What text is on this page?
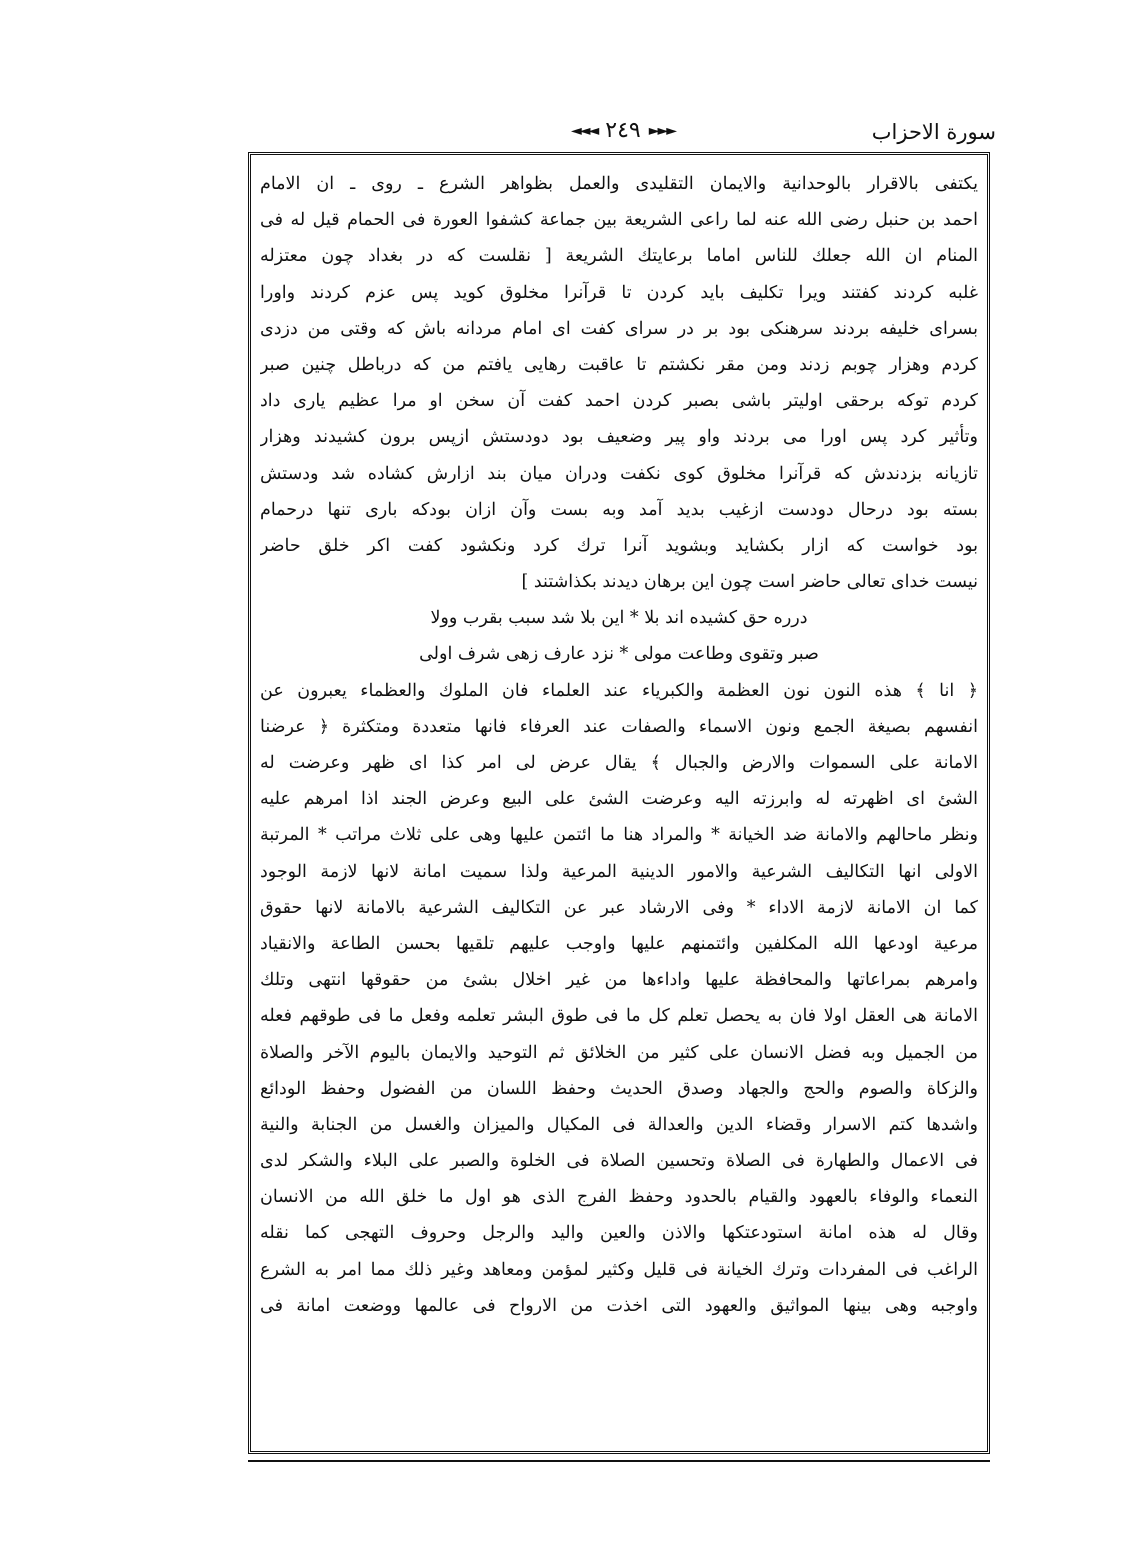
سورة الاحزاب
◄◄◄ ٢٤٩ ►►►
يكتفى بالاقرار بالوحدانية والايمان التقليدى والعمل بظواهر الشرع ـ روى ـ ان الامام
احمد بن حنبل رضى الله عنه لما راعى الشريعة بين جماعة كشفوا العورة فى الحمام قيل له فى
المنام ان الله جعلك للناس اماما برعايتك الشريعة [ نقلست كه در بغداد چون معتزله
غلبه كردند كفتند ويرا تكليف بايد كردن تا قرآنرا مخلوق كويد پس عزم كردند واورا
بسراى خليفه بردند سرهنكى بود بر در سراى كفت اى امام مردانه باش كه وقتى من دزدى
كردم وهزار چوبم زدند ومن مقر نكشتم تا عاقبت رهايى يافتم من كه درباطل چنين صبر
كردم توكه برحقى اوليتر باشى بصبر كردن احمد كفت آن سخن او مرا عظيم يارى داد
وتأثير كرد پس اورا مى بردند واو پير وضعيف بود دودستش ازپس برون كشيدند وهزار
تازيانه بزدندش كه قرآنرا مخلوق كوى نكفت ودران ميان بند ازارش كشاده شد ودستش
بسته بود درحال دودست ازغيب بديد آمد وبه بست وآن ازان بودكه بارى تنها درحمام
بود خواست كه ازار بكشايد وبشويد آنرا ترك كرد ونكشود كفت اكر خلق حاضر
نيست خداى تعالى حاضر است چون اين برهان ديدند بكذاشتند ]
درره حق كشيده اند بلا * اين بلا شد سبب بقرب وولا
صبر وتقوى وطاعت مولى * نزد عارف زهى شرف اولى
﴿ انا ﴾ هذه النون نون العظمة والكبرياء عند العلماء فان الملوك والعظماء يعبرون عن
انفسهم بصيغة الجمع ونون الاسماء والصفات عند العرفاء فانها متعددة ومتكثرة ﴿ عرضنا
الامانة على السموات والارض والجبال ﴾ يقال عرض لى امر كذا اى ظهر وعرضت له
الشئ اى اظهرته له وابرزته اليه وعرضت الشئ على البيع وعرض الجند اذا امرهم عليه
ونظر ماحالهم والامانة ضد الخيانة * والمراد هنا ما ائتمن عليها وهى على ثلاث مراتب * المرتبة
الاولى انها التكاليف الشرعية والامور الدينية المرعية ولذا سميت امانة لانها لازمة الوجود
كما ان الامانة لازمة الاداء * وفى الارشاد عبر عن التكاليف الشرعية بالامانة لانها حقوق
مرعية اودعها الله المكلفين وائتمنهم عليها واوجب عليهم تلقيها بحسن الطاعة والانقياد
وامرهم بمراعاتها والمحافظة عليها واداءها من غير اخلال بشئ من حقوقها انتهى وتلك
الامانة هى العقل اولا فان به يحصل تعلم كل ما فى طوق البشر تعلمه وفعل ما فى طوقهم فعله
من الجميل وبه فضل الانسان على كثير من الخلائق ثم التوحيد والايمان باليوم الآخر والصلاة
والزكاة والصوم والحج والجهاد وصدق الحديث وحفظ اللسان من الفضول وحفظ الودائع
واشدها كتم الاسرار وقضاء الدين والعدالة فى المكيال والميزان والغسل من الجنابة والنية
فى الاعمال والطهارة فى الصلاة وتحسين الصلاة فى الخلوة والصبر على البلاء والشكر لدى
النعماء والوفاء بالعهود والقيام بالحدود وحفظ الفرج الذى هو اول ما خلق الله من الانسان
وقال له هذه امانة استودعتكها والاذن والعين واليد والرجل وحروف التهجى كما نقله
الراغب فى المفردات وترك الخيانة فى قليل وكثير لمؤمن ومعاهد وغير ذلك مما امر به الشرع
واوجبه وهى بينها المواثيق والعهود التى اخذت من الارواح فى عالمها ووضعت امانة فى
